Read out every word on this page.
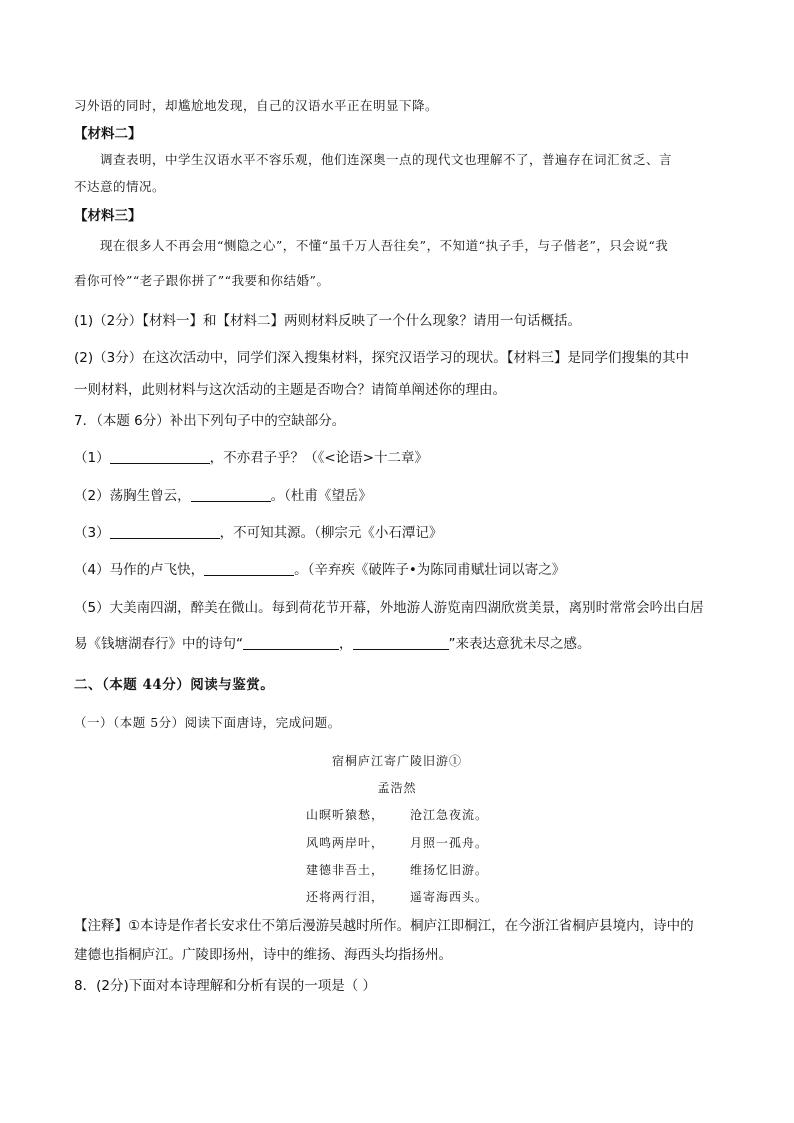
习外语的同时，却尴尬地发现，自己的汉语水平正在明显下降。
【材料二】
调查表明，中学生汉语水平不容乐观，他们连深奥一点的现代文也理解不了，普遍存在词汇贫乏、言
不达意的情况。
【材料三】
现在很多人不再会用“恻隐之心”，不懂“虽千万人吾往矣”，不知道“执子手，与子偕老”，只会说“我
看你可怜”“老子跟你拼了”“我要和你结婚”。
(1)（2分）【材料一】和【材料二】两则材料反映了一个什么现象？请用一句话概括。
(2)（3分）在这次活动中，同学们深入搜集材料，探究汉语学习的现状。【材料三】是同学们搜集的其中
一则材料，此则材料与这次活动的主题是否吻合？请简单阐述你的理由。
7．（本题 6分）补出下列句子中的空缺部分。
（1）	，不亦君子乎？（《<论语>十二章》
（2）荡胸生曾云，	。（杜甫《望岳》
（3）	，不可知其源。（柳宗元《小石潭记》
（4）马作的卢飞快，	。（辛弃疾《破阵子•为陈同甫赋壮词以寄之》
（5）大美南四湖，醉美在微山。每到荷花节开幕，外地游人游览南四湖欣赏美景，离别时常常会吟出白居
易《钱塘湖春行》中的诗句“	，	”来表达意犹未尽之感。
二、（本题 44分）阅读与鉴赏。
（一）（本题 5分）阅读下面唐诗，完成问题。
宿桐庐江寄广陵旧游①
孟浩然
山暝听猿愁， 沧江急夜流。
风鸣两岸叶， 月照一孤舟。
建德非吾土， 维扬忆旧游。
还将两行泪， 遥寄海西头。
【注释】①本诗是作者长安求仕不第后漫游吴越时所作。桐庐江即桐江，在今浙江省桐庐县境内，诗中的
建德也指桐庐江。广陵即扬州，诗中的维扬、海西头均指扬州。
8．(2分)下面对本诗理解和分析有误的一项是（ ）
